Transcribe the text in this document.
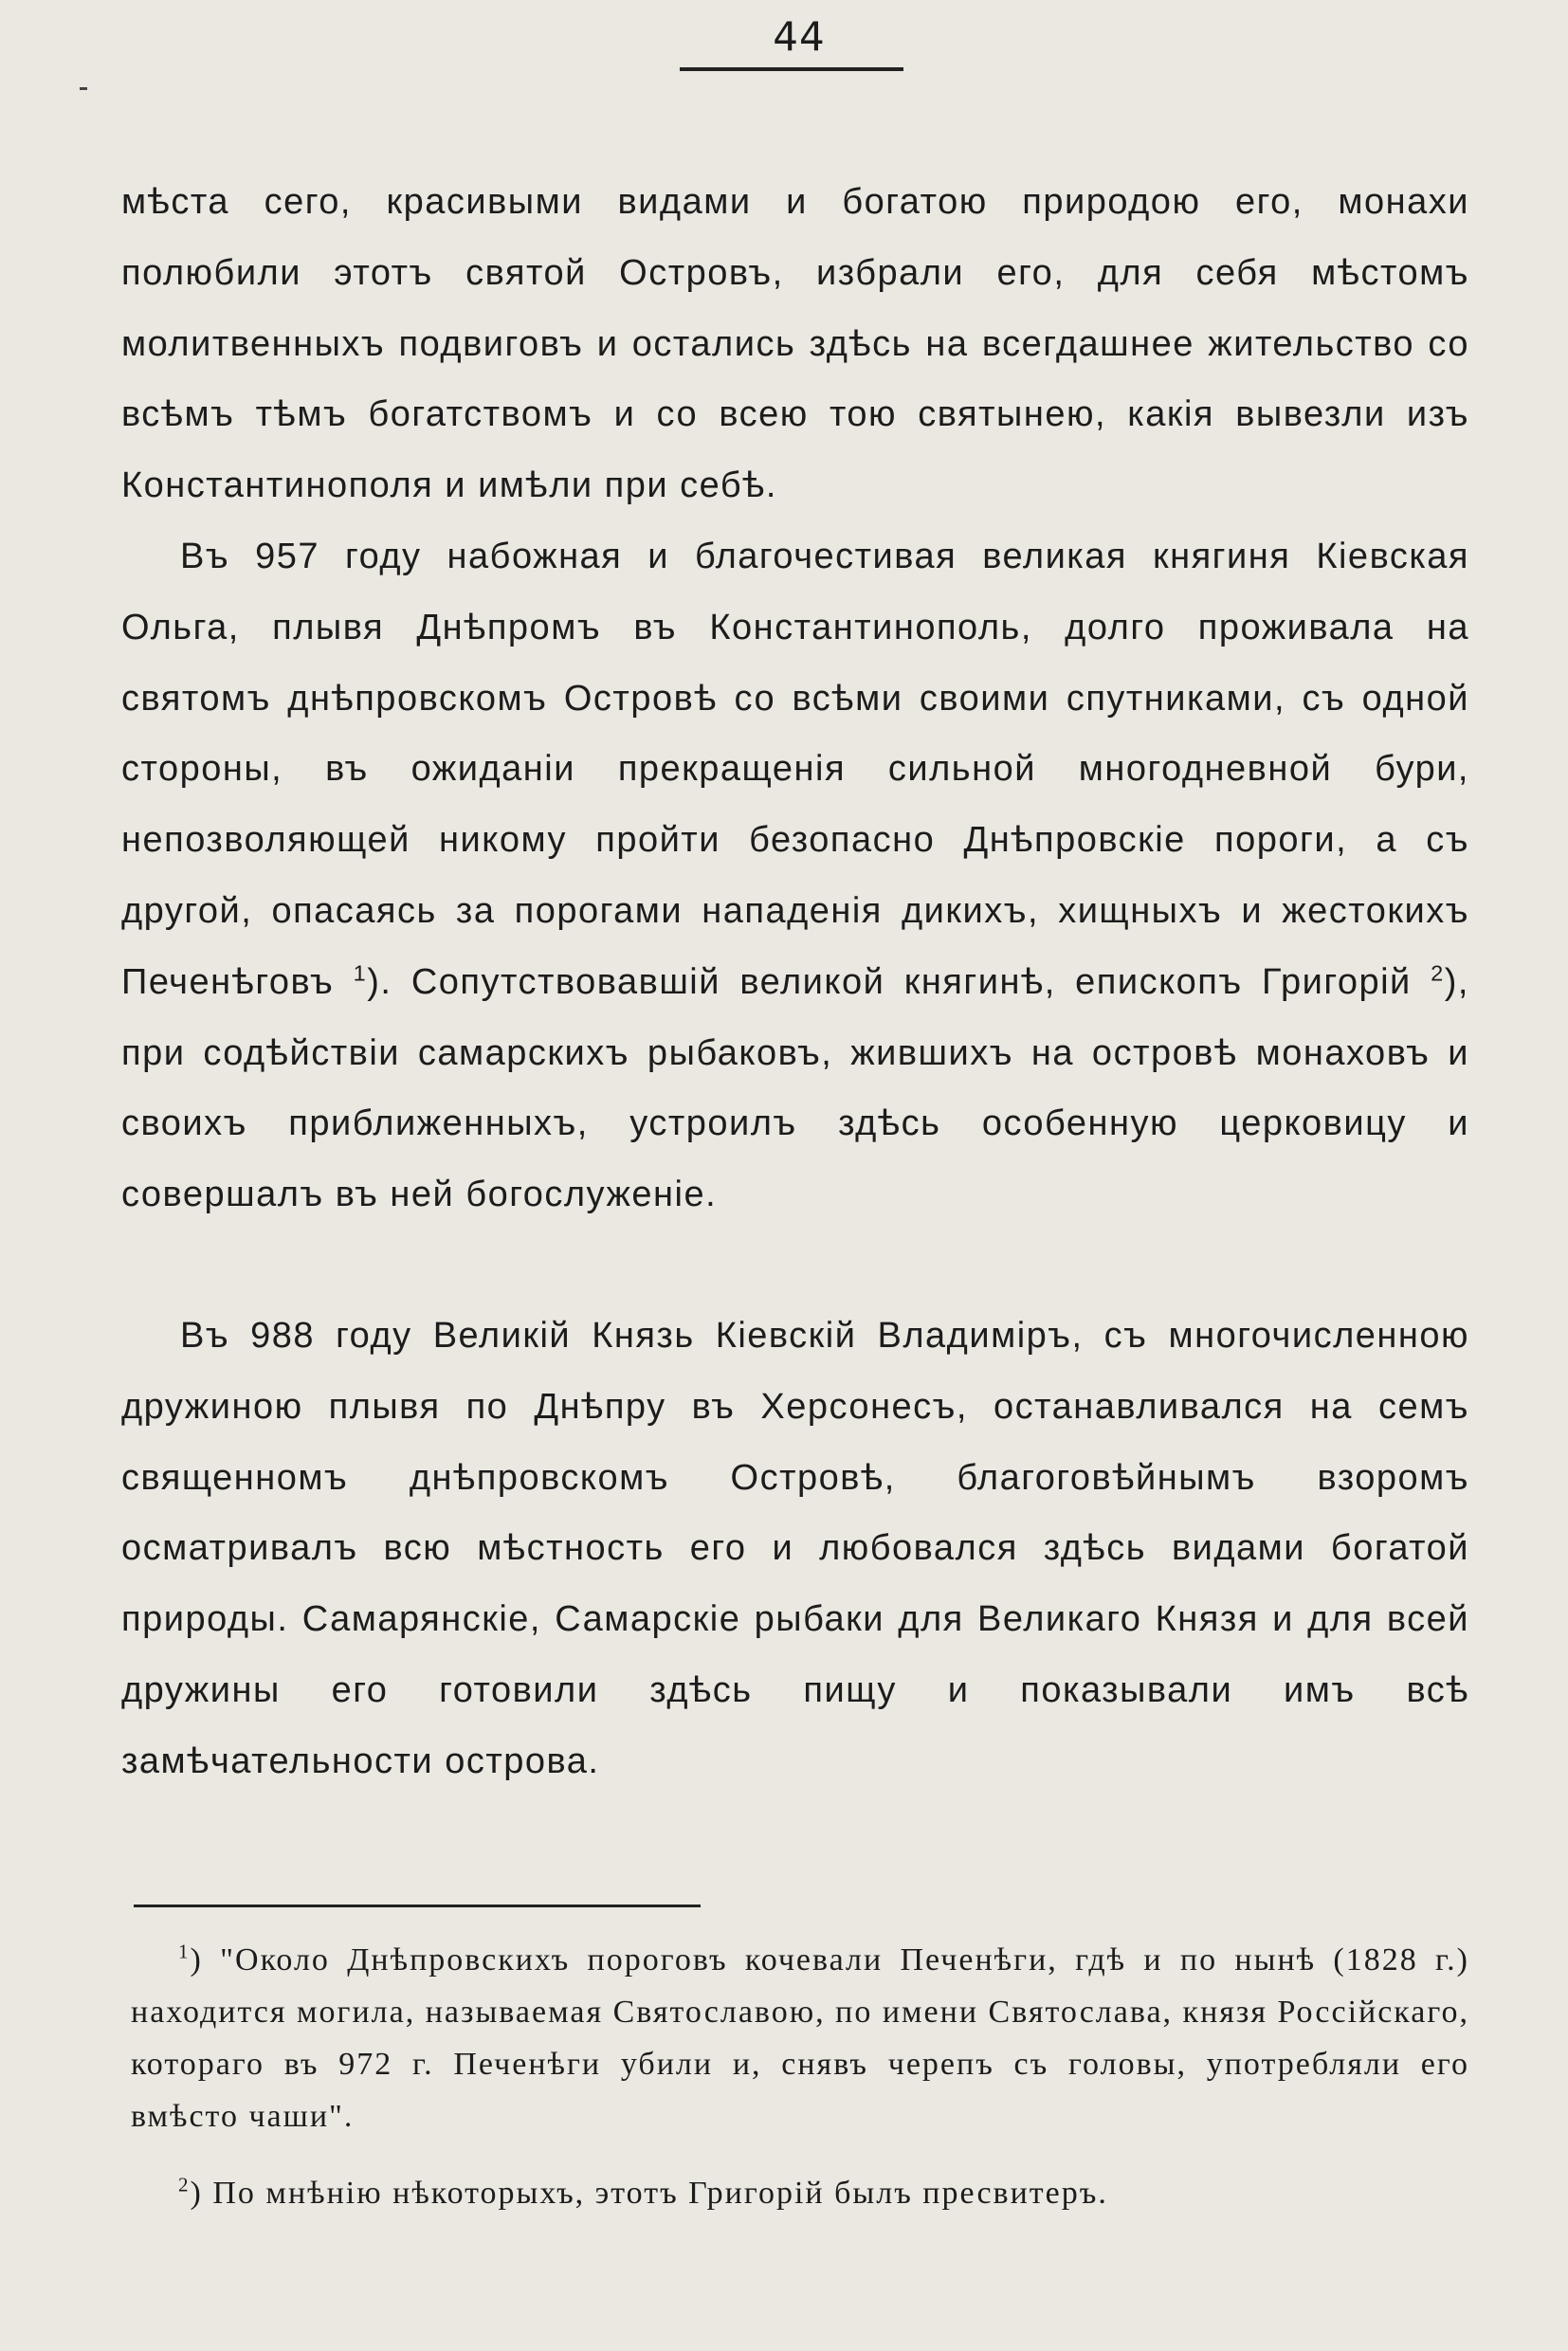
44

мѣста сего, красивыми видами и богатою природою его, монахи полюбили этотъ святой Островъ, избрали его, для себя мѣстомъ молитвенныхъ подвиговъ и остались здѣсь на всегдашнее жительство со всѣмъ тѣмъ богатствомъ и со всею тою святынею, какія вывезли изъ Константинополя и имѣли при себѣ.

Въ 957 году набожная и благочестивая великая княгиня Кіевская Ольга, плывя Днѣпромъ въ Константинополь, долго проживала на святомъ днѣпровскомъ Островѣ со всѣми своими спутниками, съ одной стороны, въ ожиданіи прекращенія сильной многодневной бури, непозволяющей никому пройти безопасно Днѣпровскіе пороги, а съ другой, опасаясь за порогами нападенія дикихъ, хищныхъ и жестокихъ Печенѣговъ $^1$). Сопутствовавшій великой княгинѣ, епископъ Григорій $^2$), при содѣйствіи самарскихъ рыбаковъ, жившихъ на островѣ монаховъ и своихъ приближенныхъ, устроилъ здѣсь особенную церковицу и совершалъ въ ней богослуженіе.

Въ 988 году Великій Князь Кіевскій Владиміръ, съ многочисленною дружиною плывя по Днѣпру въ Херсонесъ, останавливался на семъ священномъ днѣпровскомъ Островѣ, благоговѣйнымъ взоромъ осматривалъ всю мѣстность его и любовался здѣсь видами богатой природы. Самарянскіе, Самарскіе рыбаки для Великаго Князя и для всей дружины его готовили здѣсь пищу и показывали имъ всѣ замѣчательности острова.

$^1$) "Около Днѣпровскихъ пороговъ кочевали Печенѣги, гдѣ и по нынѣ (1828 г.) находится могила, называемая Святославою, по имени Святослава, князя Россійскаго, котораго въ 972 г. Печенѣги убили и, снявъ черепъ съ головы, употребляли его вмѣсто чаши".

$^2$) По мнѣнію нѣкоторыхъ, этотъ Григорій былъ пресвитеръ.
